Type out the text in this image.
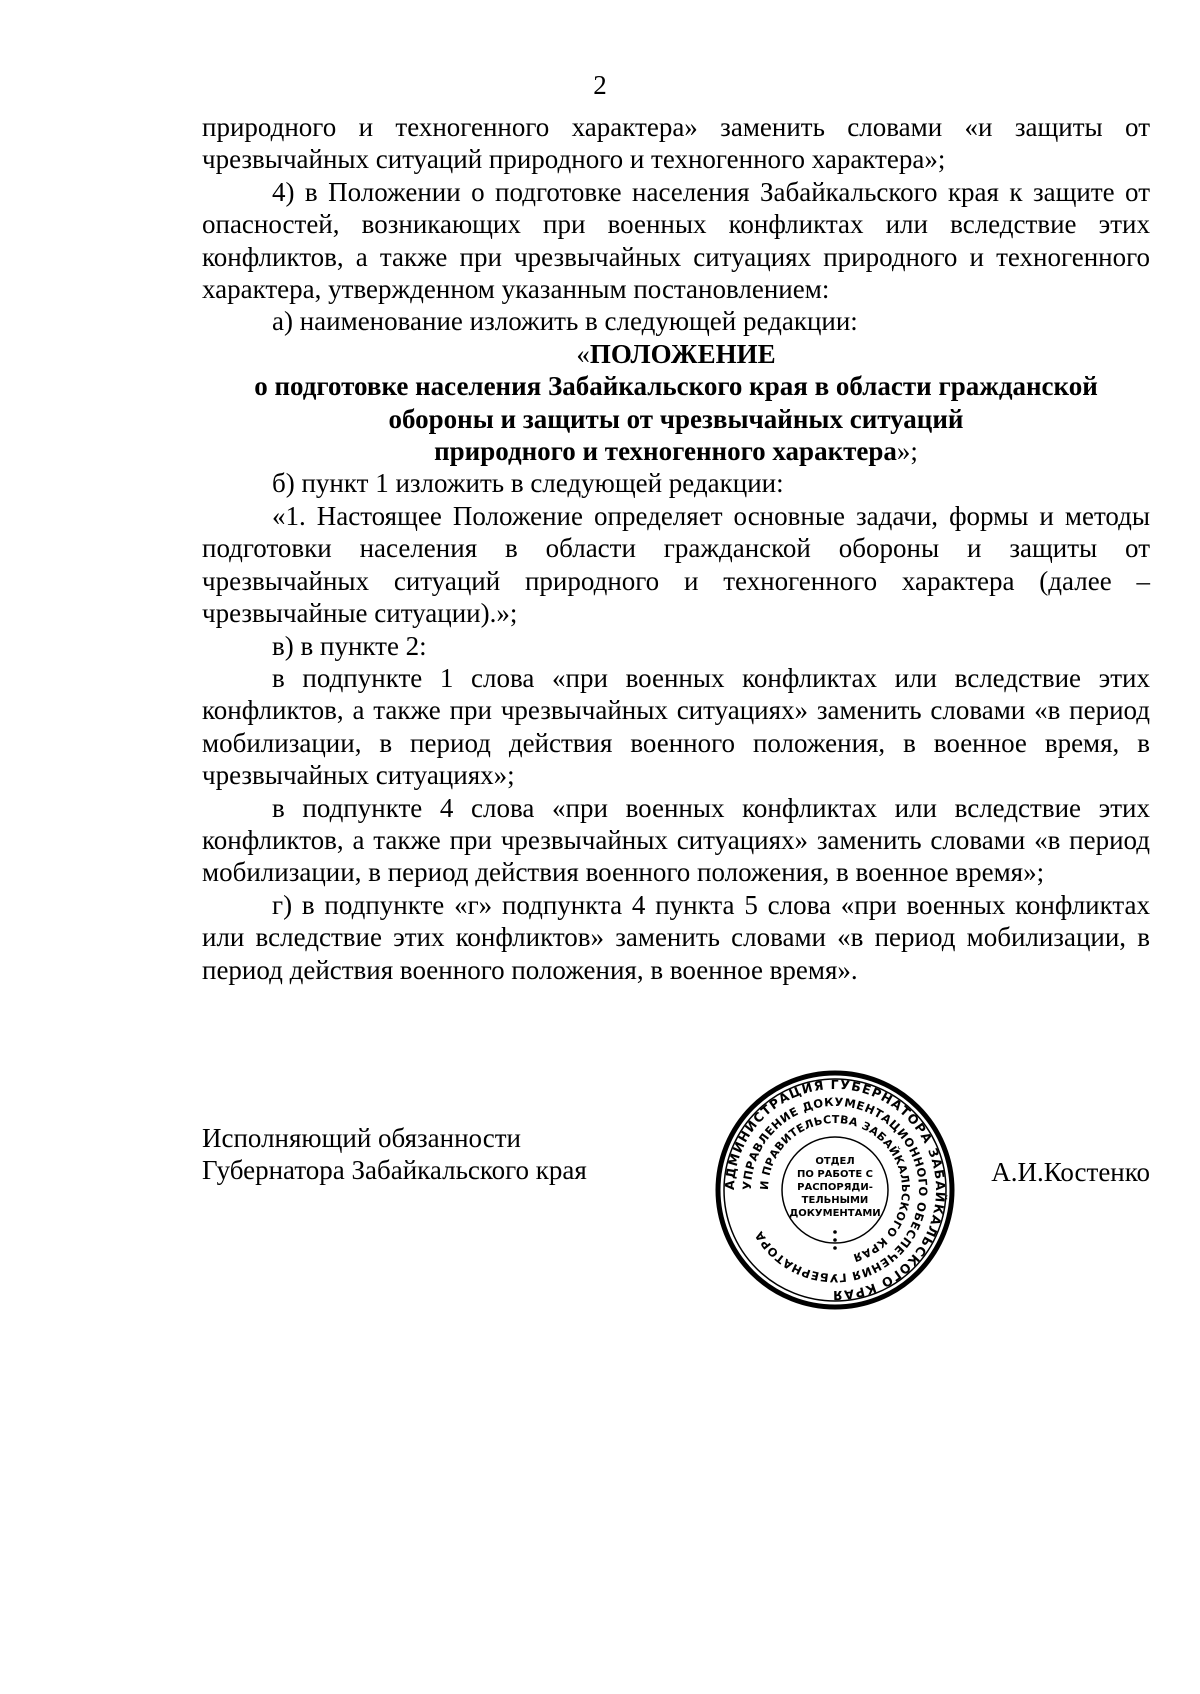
2

природного и техногенного характера» заменить словами «и защиты от чрезвычайных ситуаций природного и техногенного характера»;

4) в Положении о подготовке населения Забайкальского края к защите от опасностей, возникающих при военных конфликтах или вследствие этих конфликтов, а также при чрезвычайных ситуациях природного и техногенного характера, утвержденном указанным постановлением:

а) наименование изложить в следующей редакции:

«ПОЛОЖЕНИЕ

о подготовке населения Забайкальского края в области гражданской

обороны и защиты от чрезвычайных ситуаций

природного и техногенного характера»;

б) пункт 1 изложить в следующей редакции:

«1. Настоящее Положение определяет основные задачи, формы и методы подготовки населения в области гражданской обороны и защиты от чрезвычайных ситуаций природного и техногенного характера (далее – чрезвычайные ситуации).»;

в) в пункте 2:

в подпункте 1 слова «при военных конфликтах или вследствие этих конфликтов, а также при чрезвычайных ситуациях» заменить словами «в период мобилизации, в период действия военного положения, в военное время, в чрезвычайных ситуациях»;

в подпункте 4 слова «при военных конфликтах или вследствие этих конфликтов, а также при чрезвычайных ситуациях» заменить словами «в период мобилизации, в период действия военного положения, в военное время»;

г) в подпункте «г» подпункта 4 пункта 5 слова «при военных конфликтах или вследствие этих конфликтов» заменить словами «в период мобилизации, в период действия военного положения, в военное время».

Исполняющий обязанности
Губернатора Забайкальского края	АДМИНИСТРАЦИЯ ГУБЕРНАТОРА ЗАБАЙКАЛЬСКОГО КРАЯ
УПРАВЛЕНИЕ ДОКУМЕНТАЦИОННОГО ОБЕСПЕЧЕНИЯ ГУБЕРНАТОРА
И ПРАВИТЕЛЬСТВА ЗАБАЙКАЛЬСКОГО КРАЯ
ОТДЕЛ
ПО РАБОТЕ С
РАСПОРЯДИ-
ТЕЛЬНЫМИ
ДОКУМЕНТАМИ
А.И.Костенко
